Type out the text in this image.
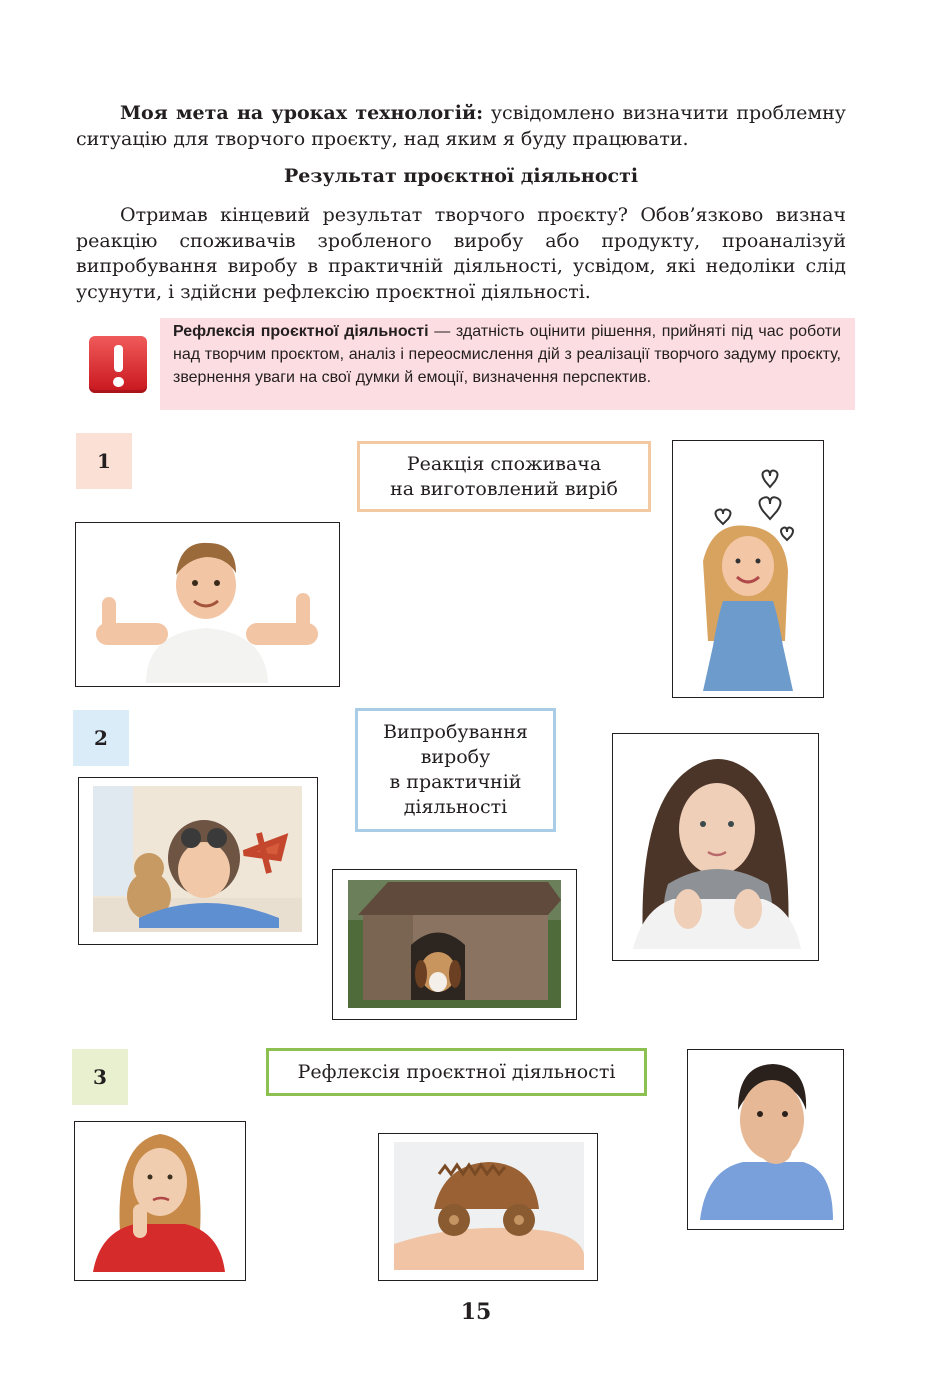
Моя мета на уроках технологій: усвідомлено визначити проблемну ситуацію для творчого проєкту, над яким я буду працювати.
Результат проєктної діяльності
Отримав кінцевий результат творчого проєкту? Обов’язково визнач реакцію споживачів зробленого виробу або продукту, проаналізуй випробування виробу в практичній діяльності, усвідом, які недоліки слід усунути, і здійсни рефлексію проєктної діяльності.
Рефлексія проєктної діяльності — здатність оцінити рішення, прийняті під час роботи над творчим проєктом, аналіз і переосмислення дій з реалізації творчого задуму проєкту, звернення уваги на свої думки й емоції, визначення перспектив.
1	Реакція споживача
на виготовлений виріб
2	Випробування
виробу
в практичній
діяльності
3	Рефлексія проєктної діяльності
15
